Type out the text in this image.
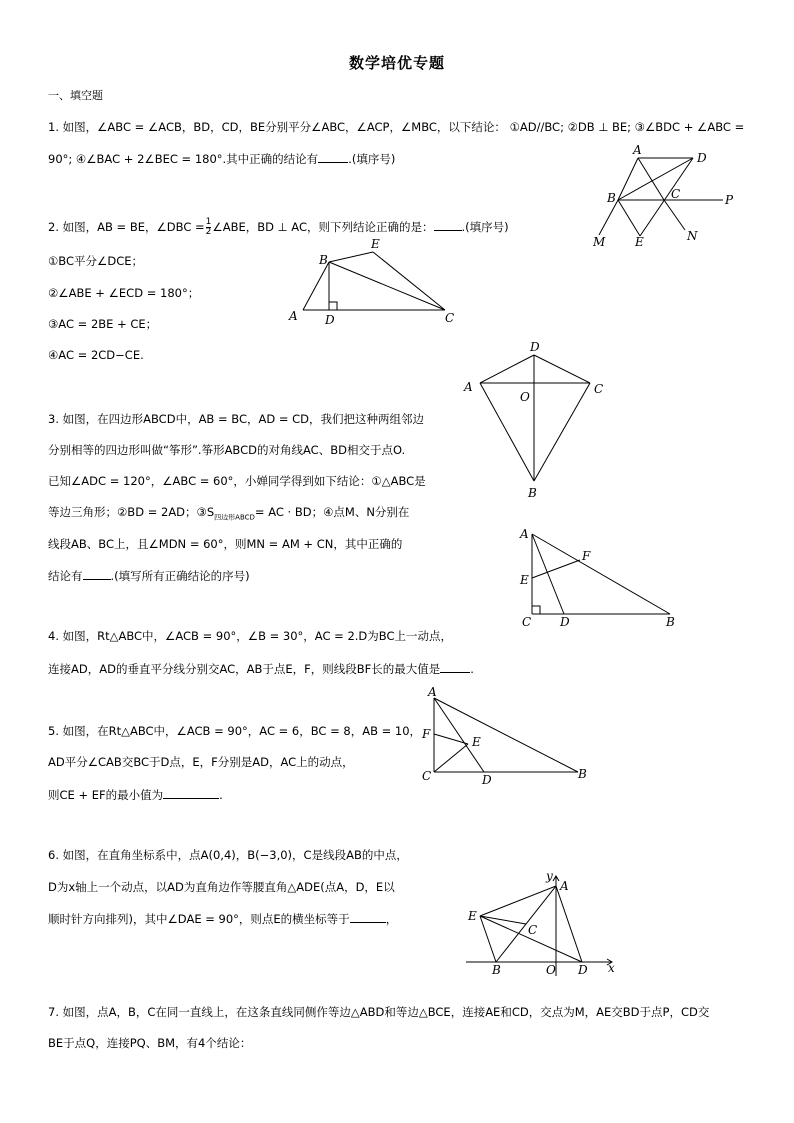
数学培优专题
一、填空题
1. 如图，∠ABC = ∠ACB，BD，CD，BE分别平分∠ABC，∠ACP，∠MBC，以下结论： ①AD//BC; ②DB ⊥ BE; ③∠BDC + ∠ABC =
90°; ④∠BAC + 2∠BEC = 180°.其中正确的结论有	.(填序号)
A
D
B	C	P
M E	N
2. 如图，AB = BE，∠DBC = $\frac{1}{2}$ ∠ABE，BD ⊥ AC，则下列结论正确的是： .(填序号)
①BC平分∠DCE；
②∠ABE + ∠ECD = 180°；
③AC = 2BE + CE；
④AC = 2CD−CE.
B
E
A D	C
D
A	C
O
B
3. 如图，在四边形ABCD中，AB = BC，AD = CD，我们把这种两组邻边
分别相等的四边形叫做“筝形”.筝形ABCD的对角线AC、BD相交于点O.
已知∠ADC = 120°，∠ABC = 60°，小婵同学得到如下结论：①△ABC是
等边三角形；②BD = 2AD；$③S_{四边形ABCD}=$ AC · BD；④点M、N分别在
线段AB、BC上，且∠MDN = 60°，则MN = AM + CN，其中正确的
结论有 .(填写所有正确结论的序号)
A
F
E
C D	B
4. 如图，Rt△ABC中，∠ACB = 90°，∠B = 30°，AC = 2.D为BC上一动点，
连接AD，AD的垂直平分线分别交AC，AB于点E，F，则线段BF长的最大值是	.
A
F
E
C	D	B
5. 如图，在Rt△ABC中，∠ACB = 90°，AC = 6，BC = 8，AB = 10，
AD平分∠CAB交BC于D点，E，F分别是AD，AC上的动点，
则CE + EF的最小值为	.
6. 如图，在直角坐标系中，点A(0,4)，B(−3,0)，C是线段AB的中点，
D为x轴上一个动点，以AD为直角边作等腰直角△ADE(点A，D，E以
顺时针方向排列)，其中∠DAE = 90°，则点E的横坐标等于	，
y
A
E
C
B	O D x
7. 如图，点A，B，C在同一直线上，在这条直线同侧作等边△ABD和等边△BCE，连接AE和CD，交点为M，AE交BD于点P，CD交
BE于点Q，连接PQ、BM，有4个结论：
